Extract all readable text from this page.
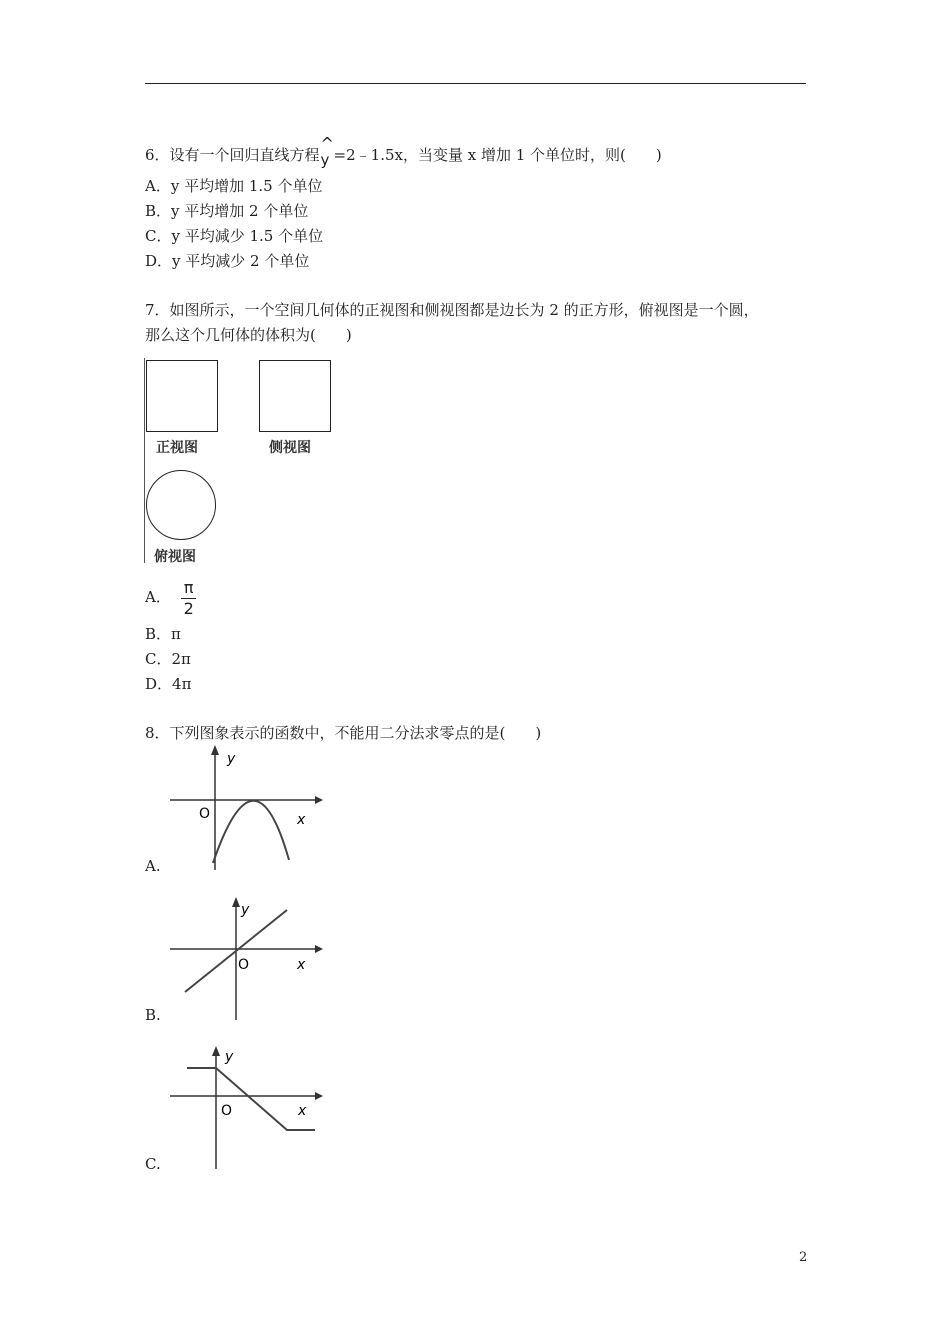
6．设有一个回归直线方程
^
y =2﹣1.5x，当变量 x 增加 1 个单位时，则(　　)
A．y 平均增加 1.5 个单位
B．y 平均增加 2 个单位
C．y 平均减少 1.5 个单位
D．y 平均减少 2 个单位
7．如图所示，一个空间几何体的正视图和侧视图都是边长为 2 的正方形，俯视图是一个圆，
那么这个几何体的体积为(　　)
正视图	侧视图
俯视图
A． $\frac{\pi}{2}$
B．π
C．2π
D．4π
8．下列图象表示的函数中，不能用二分法求零点的是(　　)
y
O	x
A.
y
O	x
B.
y
O	x
C.
2
